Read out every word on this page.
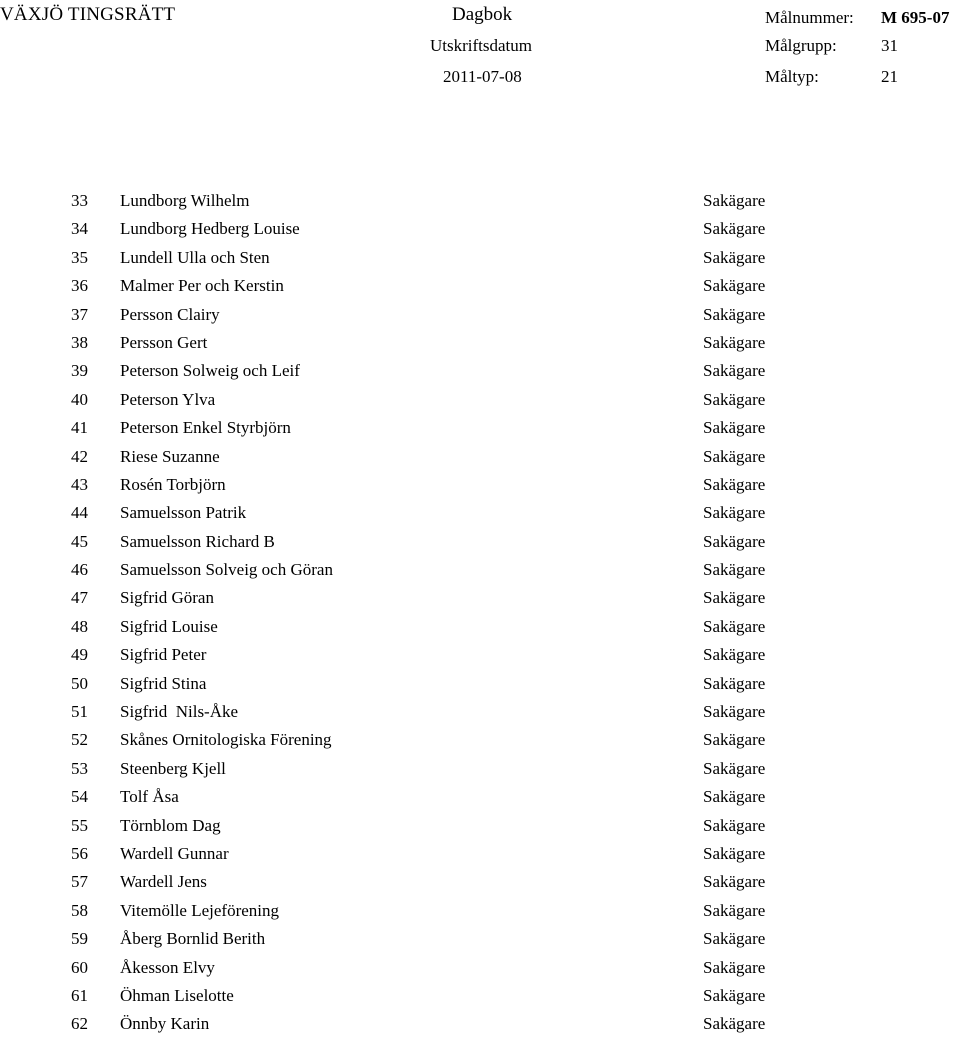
VÄXJÖ TINGSRÄTT	Dagbok
Utskriftsdatum
2011-07-08
Målnummer: M 695-07
Målgrupp:	31
Måltyp:	21
33 Lundborg Wilhelm	Sakägare
34 Lundborg Hedberg Louise	Sakägare
35 Lundell Ulla och Sten	Sakägare
36 Malmer Per och Kerstin	Sakägare
37 Persson Clairy	Sakägare
38 Persson Gert	Sakägare
39 Peterson Solweig och Leif	Sakägare
40 Peterson Ylva	Sakägare
41 Peterson Enkel Styrbjörn	Sakägare
42 Riese Suzanne	Sakägare
43 Rosén Torbjörn	Sakägare
44 Samuelsson Patrik	Sakägare
45 Samuelsson Richard B	Sakägare
46 Samuelsson Solveig och Göran	Sakägare
47 Sigfrid Göran	Sakägare
48 Sigfrid Louise	Sakägare
49 Sigfrid Peter	Sakägare
50 Sigfrid Stina	Sakägare
51 Sigfrid  Nils-Åke	Sakägare
52 Skånes Ornitologiska Förening	Sakägare
53 Steenberg Kjell	Sakägare
54 Tolf Åsa	Sakägare
55 Törnblom Dag	Sakägare
56 Wardell Gunnar	Sakägare
57 Wardell Jens	Sakägare
58 Vitemölle Lejeförening	Sakägare
59 Åberg Bornlid Berith	Sakägare
60 Åkesson Elvy	Sakägare
61 Öhman Liselotte	Sakägare
62 Önnby Karin	Sakägare
